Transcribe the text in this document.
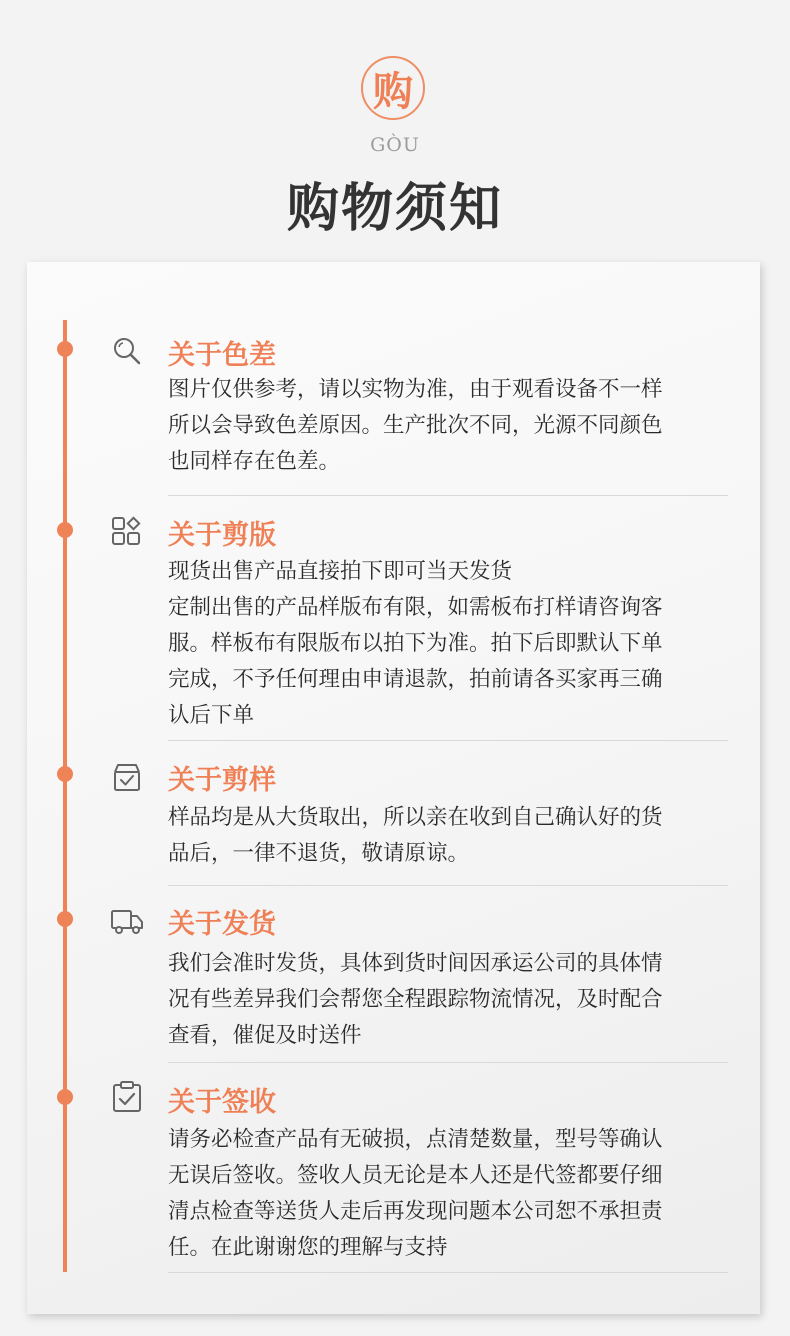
购
GÒU
购物须知
关于色差
图片仅供参考，请以实物为准，由于观看设备不一样
所以会导致色差原因。生产批次不同，光源不同颜色
也同样存在色差。
关于剪版
现货出售产品直接拍下即可当天发货
定制出售的产品样版布有限，如需板布打样请咨询客
服。样板布有限版布以拍下为准。拍下后即默认下单
完成，不予任何理由申请退款，拍前请各买家再三确
认后下单
关于剪样
样品均是从大货取出，所以亲在收到自己确认好的货
品后，一律不退货，敬请原谅。
关于发货
我们会准时发货，具体到货时间因承运公司的具体情
况有些差异我们会帮您全程跟踪物流情况，及时配合
查看，催促及时送件
关于签收
请务必检查产品有无破损，点清楚数量，型号等确认
无误后签收。签收人员无论是本人还是代签都要仔细
清点检查等送货人走后再发现问题本公司恕不承担责
任。在此谢谢您的理解与支持
